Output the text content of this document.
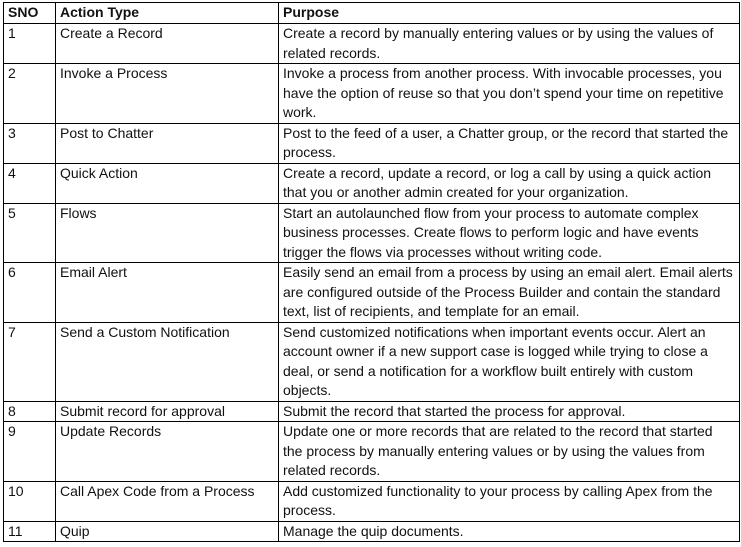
SNO	Action Type	Purpose
1	Create a Record	Create a record by manually entering values or by using the values of related records.
2	Invoke a Process	Invoke a process from another process. With invocable processes, you have the option of reuse so that you don’t spend your time on repetitive work.
3	Post to Chatter	Post to the feed of a user, a Chatter group, or the record that started the process.
4	Quick Action	Create a record, update a record, or log a call by using a quick action that you or another admin created for your organization.
5	Flows	Start an autolaunched flow from your process to automate complex business processes. Create flows to perform logic and have events trigger the flows via processes without writing code.
6	Email Alert	Easily send an email from a process by using an email alert. Email alerts are configured outside of the Process Builder and contain the standard text, list of recipients, and template for an email.
7	Send a Custom Notification	Send customized notifications when important events occur. Alert an account owner if a new support case is logged while trying to close a deal, or send a notification for a workflow built entirely with custom objects.
8	Submit record for approval	Submit the record that started the process for approval.
9	Update Records	Update one or more records that are related to the record that started the process by manually entering values or by using the values from related records.
10	Call Apex Code from a Process	Add customized functionality to your process by calling Apex from the process.
11	Quip	Manage the quip documents.
